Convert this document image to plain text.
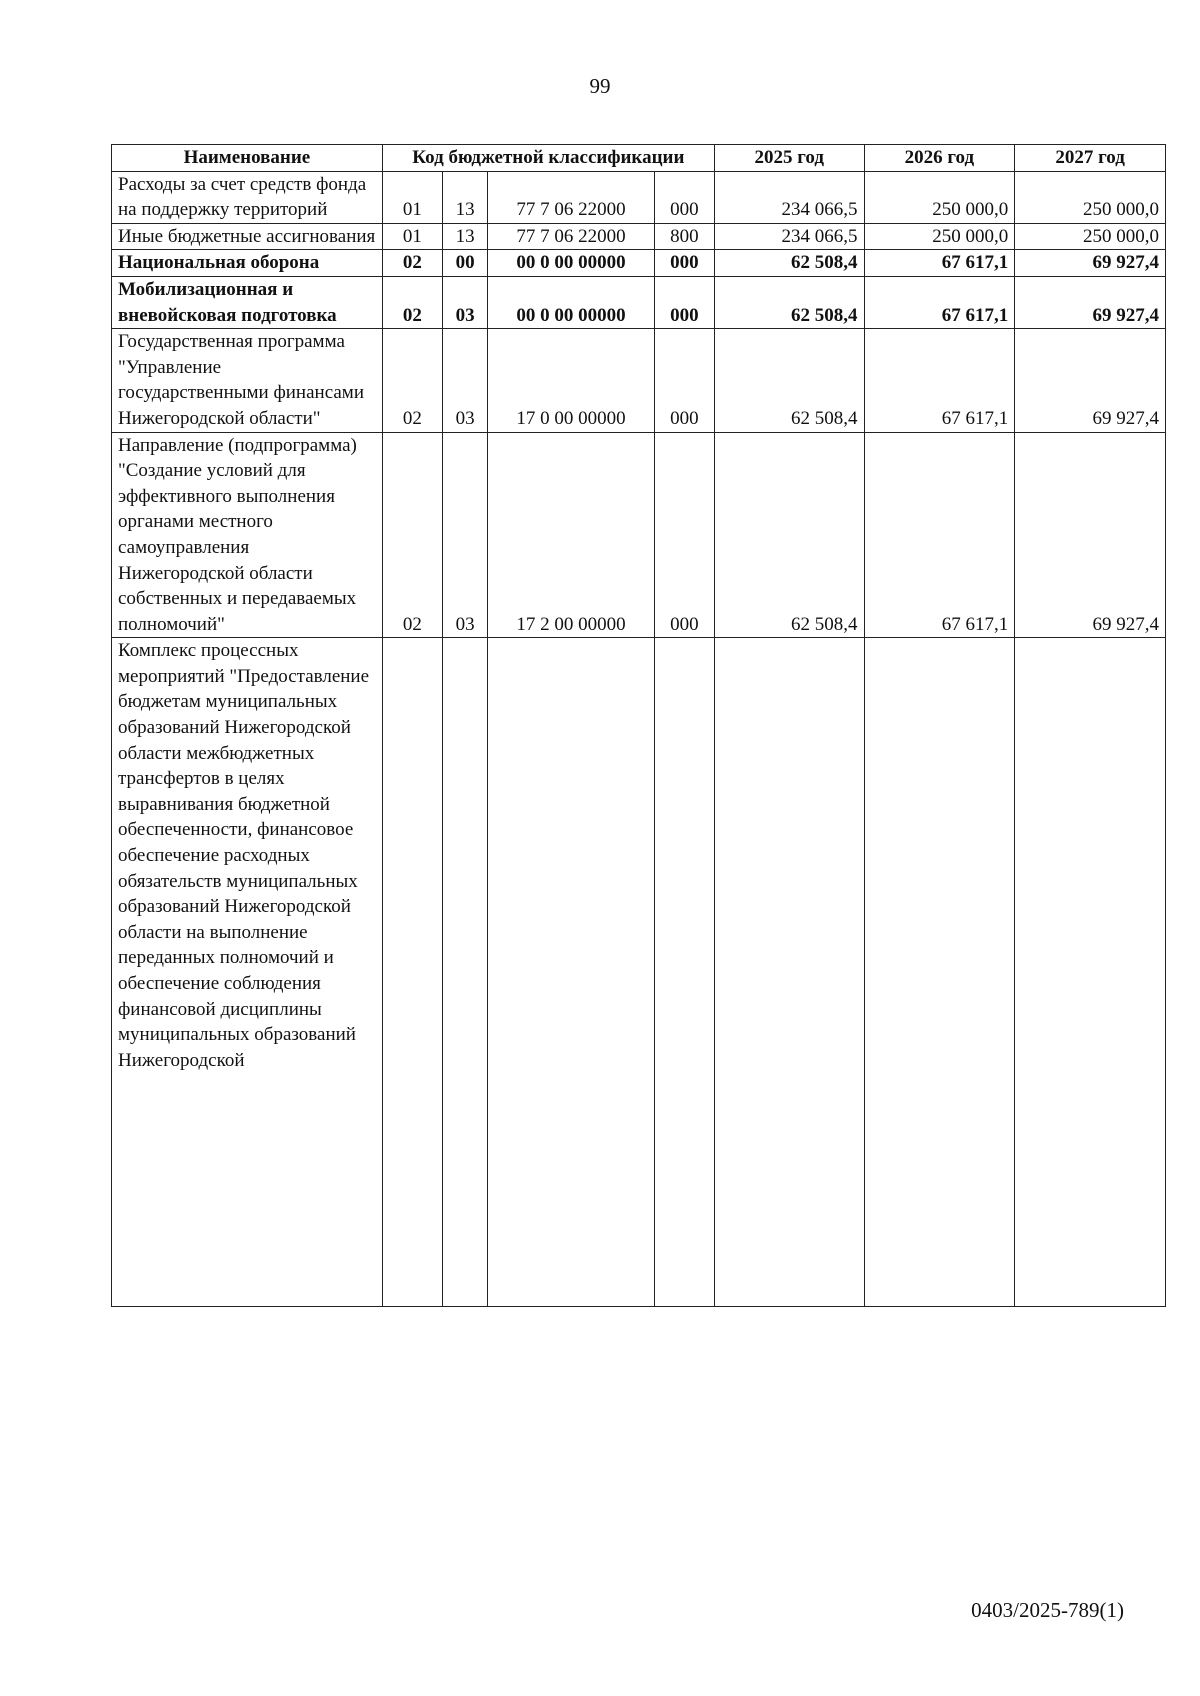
99
Наименование	Код бюджетной классификации				2025 год	2026 год	2027 год
Расходы за счет средств фонда на поддержку территорий	01	13	77 7 06 22000	000	234 066,5	250 000,0	250 000,0
Иные бюджетные ассигнования	01	13	77 7 06 22000	800	234 066,5	250 000,0	250 000,0
Национальная оборона	02	00	00 0 00 00000	000	62 508,4	67 617,1	69 927,4
Мобилизационная и вневойсковая подготовка	02	03	00 0 00 00000	000	62 508,4	67 617,1	69 927,4
Государственная программа "Управление государственными финансами Нижегородской области"	02	03	17 0 00 00000	000	62 508,4	67 617,1	69 927,4
Направление (подпрограмма) "Создание условий для эффективного выполнения органами местного самоуправления Нижегородской области собственных и передаваемых полномочий"	02	03	17 2 00 00000	000	62 508,4	67 617,1	69 927,4
Комплекс процессных мероприятий "Предоставление бюджетам муниципальных образований Нижегородской области межбюджетных трансфертов в целях выравнивания бюджетной обеспеченности, финансовое обеспечение расходных обязательств муниципальных образований Нижегородской области на выполнение переданных полномочий и обеспечение соблюдения финансовой дисциплины муниципальных образований Нижегородской							
0403/2025-789(1)
